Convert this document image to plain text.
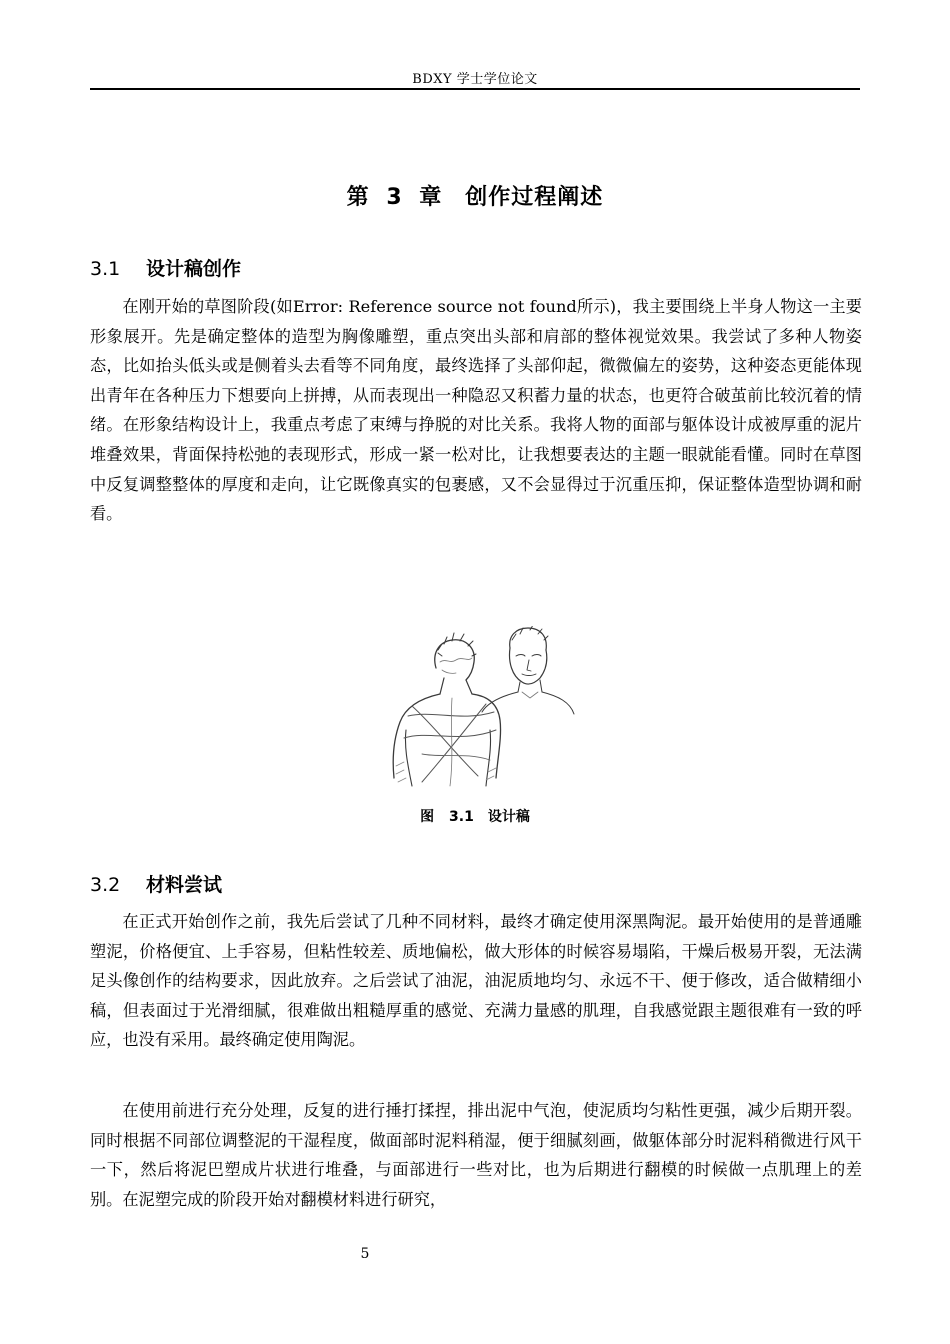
BDXY 学士学位论文
第 3 章　创作过程阐述
3.1 设计稿创作

在刚开始的草图阶段(如Error: Reference source not found所示)，我主要围绕上半身人物这一主要形象展开。先是确定整体的造型为胸像雕塑，重点突出头部和肩部的整体视觉效果。我尝试了多种人物姿态，比如抬头低头或是侧着头去看等不同角度，最终选择了头部仰起，微微偏左的姿势，这种姿态更能体现出青年在各种压力下想要向上拼搏，从而表现出一种隐忍又积蓄力量的状态，也更符合破茧前比较沉着的情绪。在形象结构设计上，我重点考虑了束缚与挣脱的对比关系。我将人物的面部与躯体设计成被厚重的泥片堆叠效果，背面保持松弛的表现形式，形成一紧一松对比，让我想要表达的主题一眼就能看懂。同时在草图中反复调整整体的厚度和走向，让它既像真实的包裹感，又不会显得过于沉重压抑，保证整体造型协调和耐看。

图 3.1　设计稿
3.2 材料尝试

在正式开始创作之前，我先后尝试了几种不同材料，最终才确定使用深黑陶泥。最开始使用的是普通雕塑泥，价格便宜、上手容易，但粘性较差、质地偏松，做大形体的时候容易塌陷，干燥后极易开裂，无法满足头像创作的结构要求，因此放弃。之后尝试了油泥，油泥质地均匀、永远不干、便于修改，适合做精细小稿，但表面过于光滑细腻，很难做出粗糙厚重的感觉、充满力量感的肌理，自我感觉跟主题很难有一致的呼应，也没有采用。最终确定使用陶泥。

在使用前进行充分处理，反复的进行捶打揉捏，排出泥中气泡，使泥质均匀粘性更强，减少后期开裂。同时根据不同部位调整泥的干湿程度，做面部时泥料稍湿，便于细腻刻画，做躯体部分时泥料稍微进行风干一下，然后将泥巴塑成片状进行堆叠，与面部进行一些对比，也为后期进行翻模的时候做一点肌理上的差别。在泥塑完成的阶段开始对翻模材料进行研究，

5
